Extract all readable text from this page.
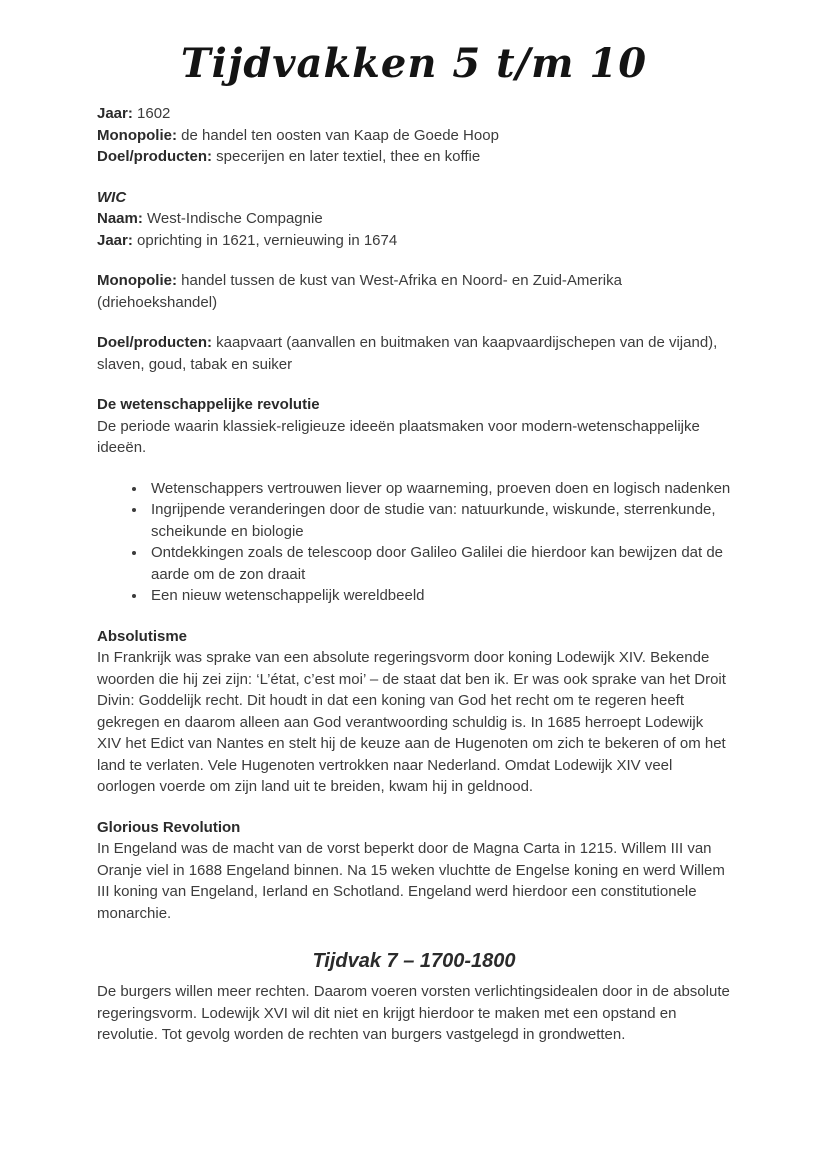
Tijdvakken 5 t/m 10

Jaar: 1602

Monopolie: de handel ten oosten van Kaap de Goede Hoop

Doel/producten: specerijen en later textiel, thee en koffie

WIC

Naam: West-Indische Compagnie

Jaar: oprichting in 1621, vernieuwing in 1674

Monopolie: handel tussen de kust van West-Afrika en Noord- en Zuid-Amerika (driehoekshandel)

Doel/producten: kaapvaart (aanvallen en buitmaken van kaapvaardijschepen van de vijand), slaven, goud, tabak en suiker

De wetenschappelijke revolutie

De periode waarin klassiek-religieuze ideeën plaatsmaken voor modern-wetenschappelijke ideeën.

• Wetenschappers vertrouwen liever op waarneming, proeven doen en logisch nadenken
• Ingrijpende veranderingen door de studie van: natuurkunde, wiskunde, sterrenkunde, scheikunde en biologie
• Ontdekkingen zoals de telescoop door Galileo Galilei die hierdoor kan bewijzen dat de aarde om de zon draait
• Een nieuw wetenschappelijk wereldbeeld

Absolutisme

In Frankrijk was sprake van een absolute regeringsvorm door koning Lodewijk XIV. Bekende woorden die hij zei zijn: ‘L’état, c’est moi’ – de staat dat ben ik. Er was ook sprake van het Droit Divin: Goddelijk recht. Dit houdt in dat een koning van God het recht om te regeren heeft gekregen en daarom alleen aan God verantwoording schuldig is. In 1685 herroept Lodewijk XIV het Edict van Nantes en stelt hij de keuze aan de Hugenoten om zich te bekeren of om het land te verlaten. Vele Hugenoten vertrokken naar Nederland. Omdat Lodewijk XIV veel oorlogen voerde om zijn land uit te breiden, kwam hij in geldnood.

Glorious Revolution

In Engeland was de macht van de vorst beperkt door de Magna Carta in 1215. Willem III van Oranje viel in 1688 Engeland binnen. Na 15 weken vluchtte de Engelse koning en werd Willem III koning van Engeland, Ierland en Schotland. Engeland werd hierdoor een constitutionele monarchie.

Tijdvak 7 – 1700-1800

De burgers willen meer rechten. Daarom voeren vorsten verlichtingsidealen door in de absolute regeringsvorm. Lodewijk XVI wil dit niet en krijgt hierdoor te maken met een opstand en revolutie. Tot gevolg worden de rechten van burgers vastgelegd in grondwetten.
